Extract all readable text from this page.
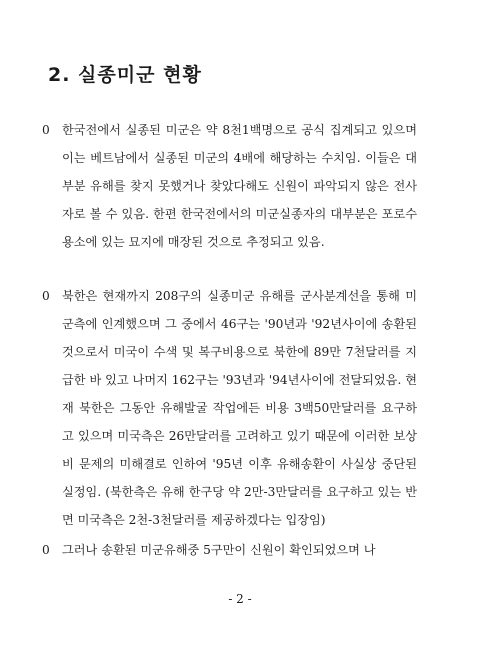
2. 실종미군 현황
0 한국전에서 실종된 미군은 약 8천1백명으로 공식 집계되고 있으며 이는 베트남에서 실종된 미군의 4배에 해당하는 수치임. 이들은 대부분 유해를 찾지 못했거나 찾았다해도 신원이 파악되지 않은 전사자로 볼 수 있음. 한편 한국전에서의 미군실종자의 대부분은 포로수용소에 있는 묘지에 매장된 것으로 추정되고 있음.
0 북한은 현재까지 208구의 실종미군 유해를 군사분계선을 통해 미군측에 인계했으며 그 중에서 46구는 '90년과 '92년사이에 송환된 것으로서 미국이 수색 및 복구비용으로 북한에 89만 7천달러를 지급한 바 있고 나머지 162구는 '93년과 '94년사이에 전달되었음. 현재 북한은 그동안 유해발굴 작업에든 비용 3백50만달러를 요구하고 있으며 미국측은 26만달러를 고려하고 있기 때문에 이러한 보상비 문제의 미해결로 인하여 '95년 이후 유해송환이 사실상 중단된 실정임. (북한측은 유해 한구당 약 2만-3만달러를 요구하고 있는 반면 미국측은 2천-3천달러를 제공하겠다는 입장임)
0 그러나 송환된 미군유해중 5구만이 신원이 확인되었으며 나

- 2 -
